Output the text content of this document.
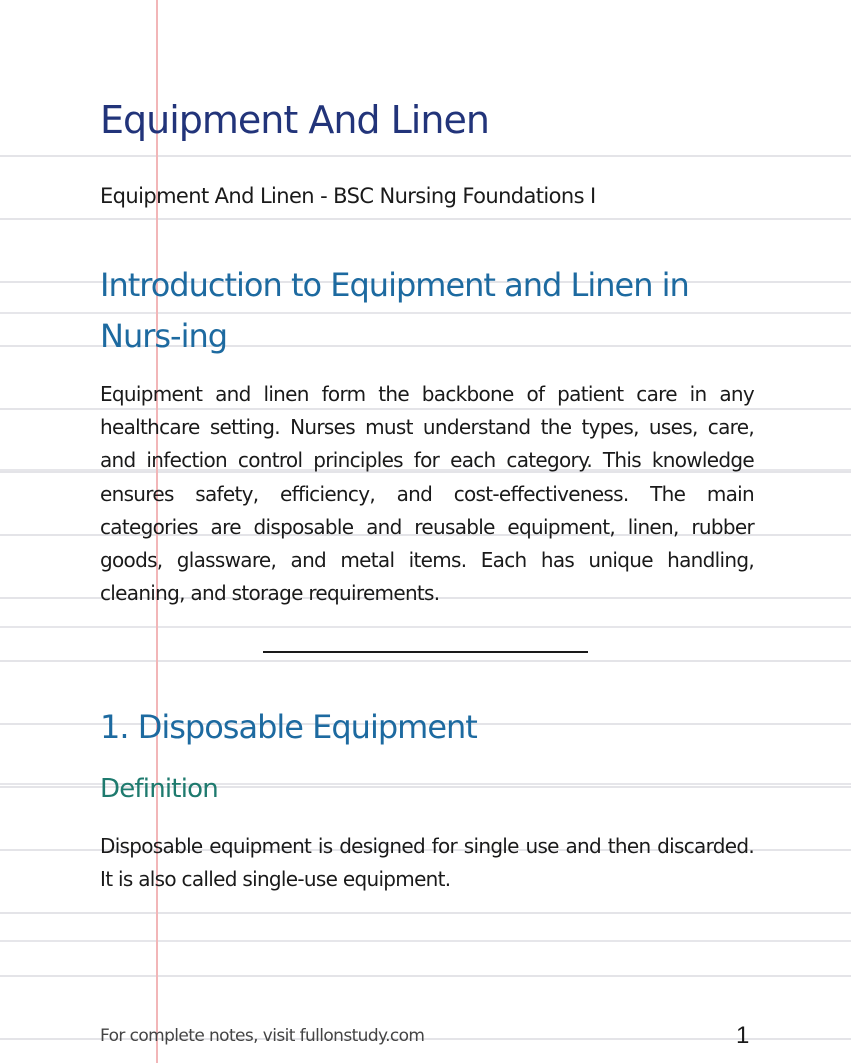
Equipment And Linen

Equipment And Linen - BSC Nursing Foundations I

Introduction to Equipment and Linen in Nurs-ing

Equipment and linen form the backbone of patient care in any healthcare setting. Nurses must understand the types, uses, care, and infection control principles for each category. This knowledge ensures safety, efficiency, and cost-effectiveness. The main categories are disposable and reusable equipment, linen, rubber goods, glassware, and metal items. Each has unique handling, cleaning, and storage requirements.

1. Disposable Equipment
Definition

Disposable equipment is designed for single use and then discarded. It is also called single-use equipment.

For complete notes, visit fullonstudy.com	1
